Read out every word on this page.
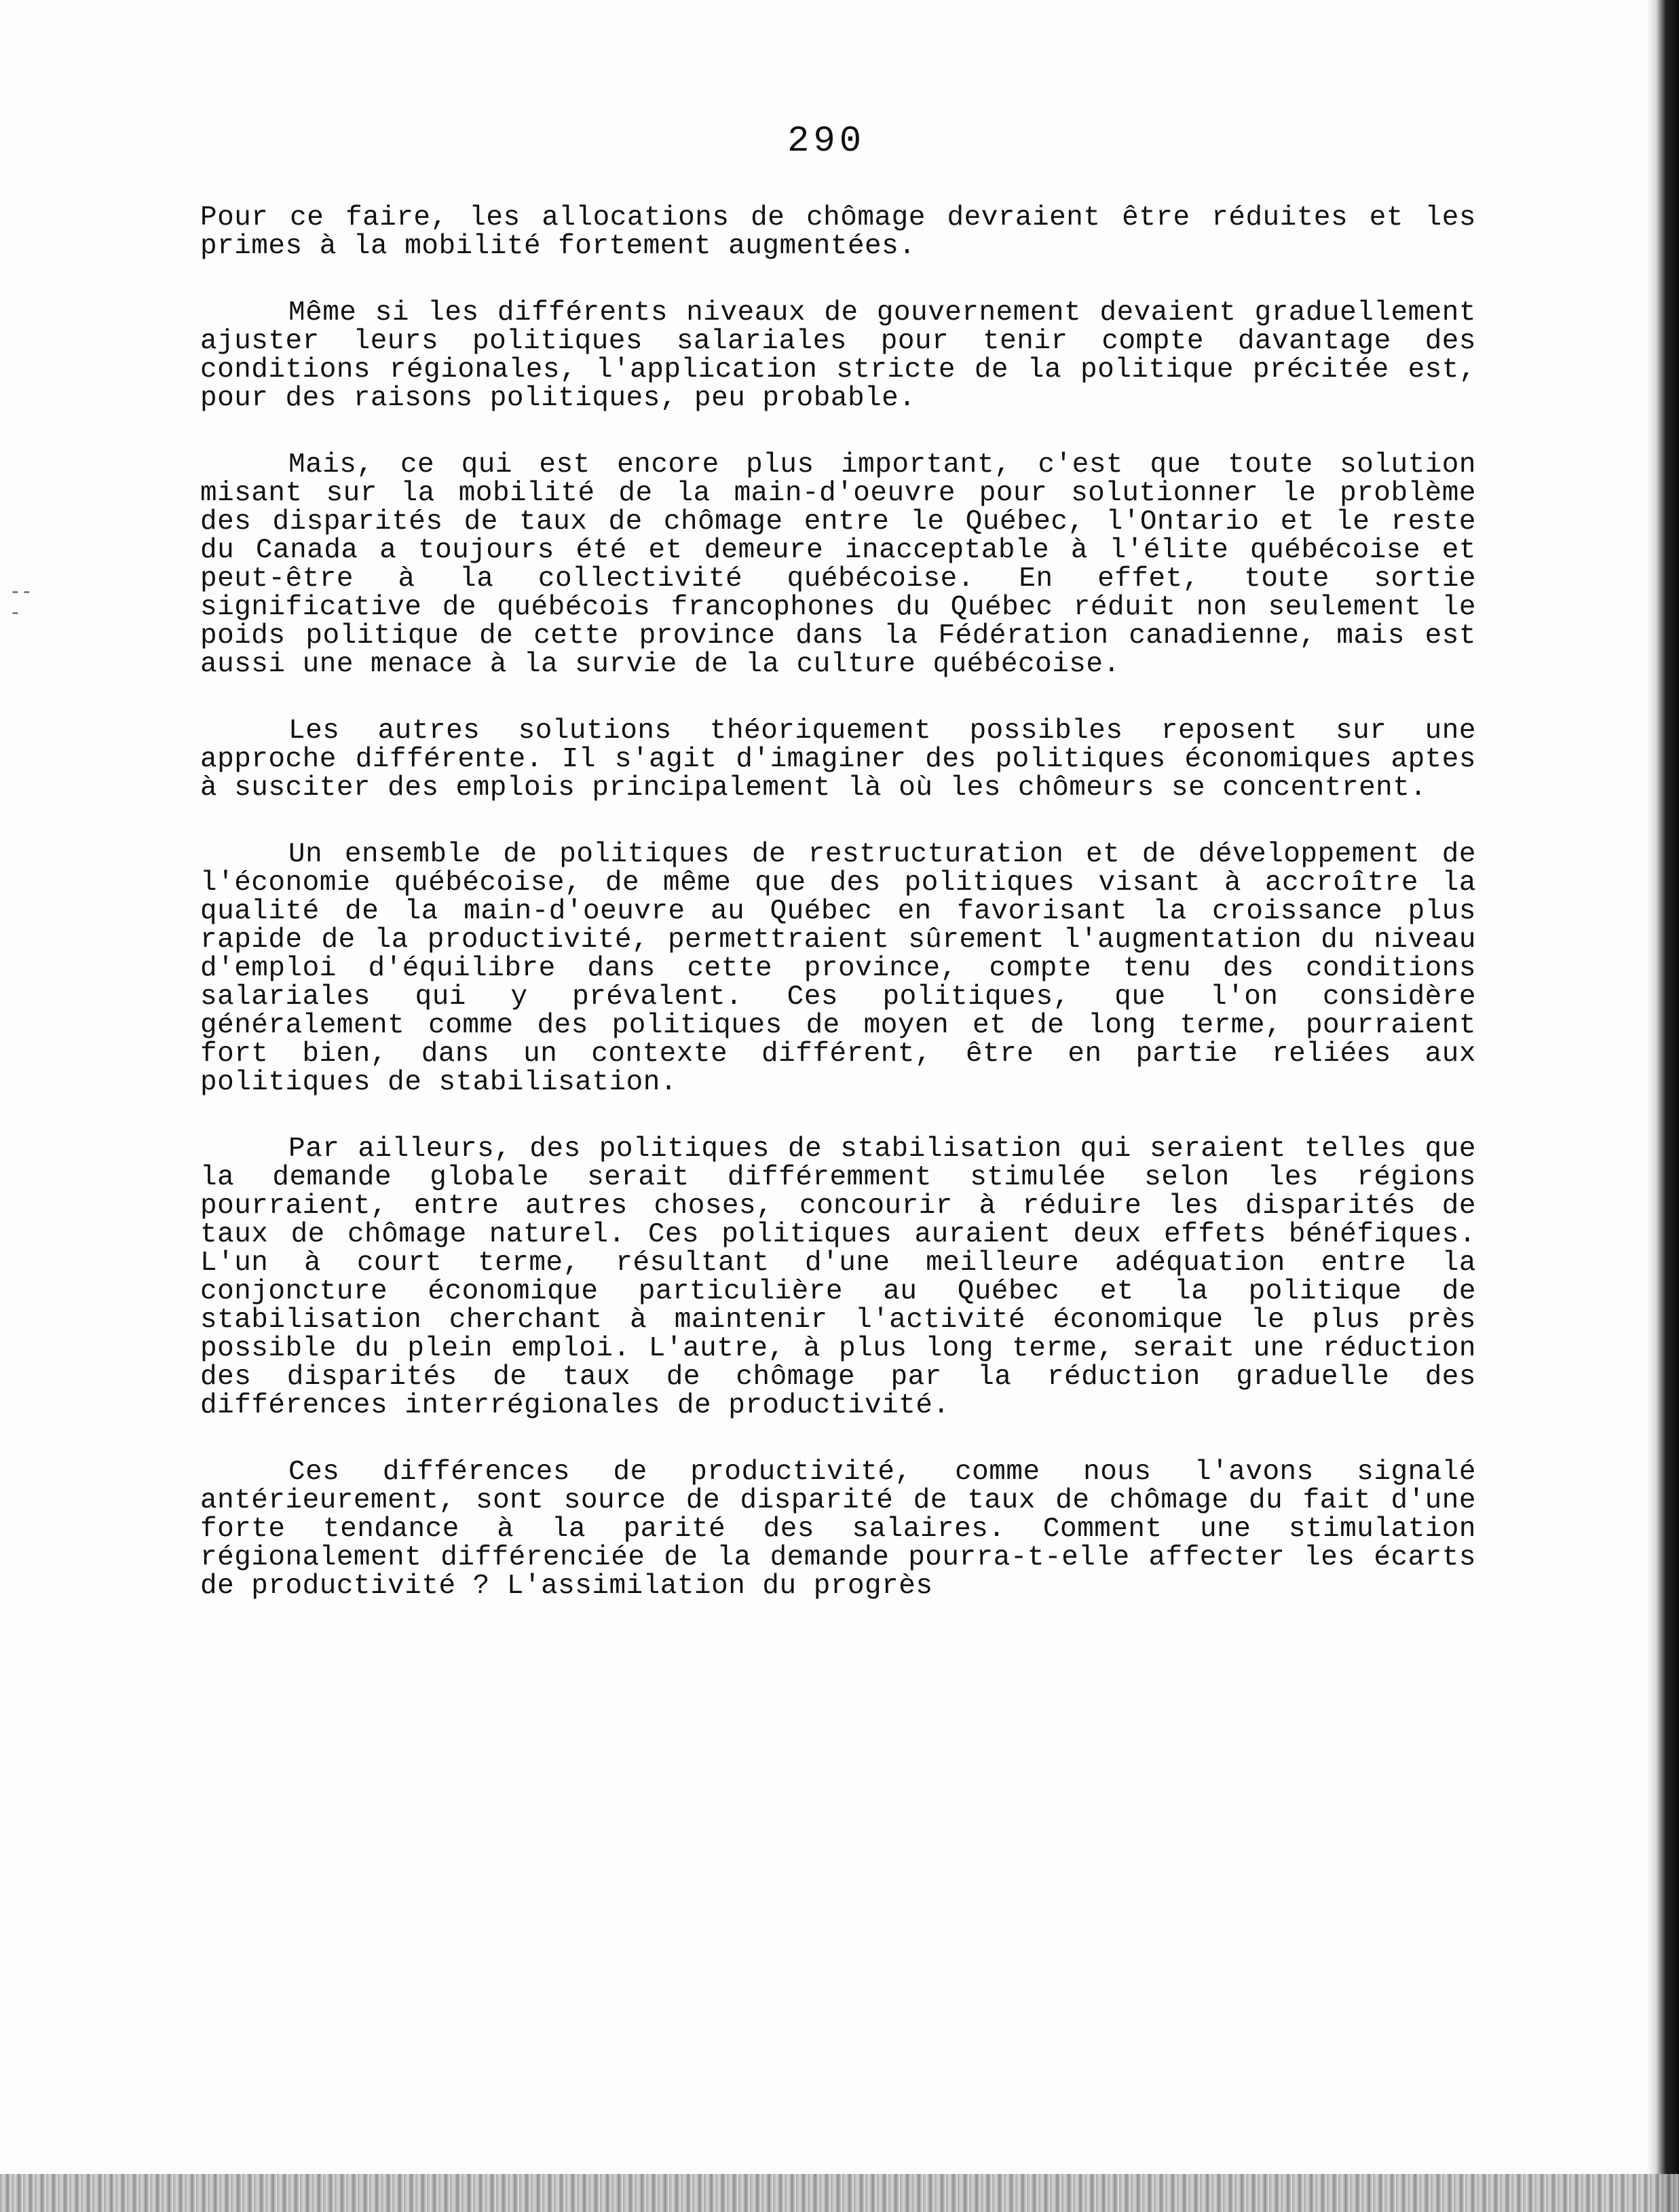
290
-‑
‑

Pour ce faire, les allocations de chômage devraient être réduites et les primes à la mobilité fortement augmentées.

Même si les différents niveaux de gouvernement devaient graduellement ajuster leurs politiques salariales pour tenir compte davantage des conditions régionales, l'application stricte de la politique précitée est, pour des raisons politiques, peu probable.

Mais, ce qui est encore plus important, c'est que toute solution misant sur la mobilité de la main-d'oeuvre pour solutionner le problème des disparités de taux de chômage entre le Québec, l'Ontario et le reste du Canada a toujours été et demeure inacceptable à l'élite québécoise et peut-être à la collectivité québécoise. En effet, toute sortie significative de québécois francophones du Québec réduit non seulement le poids politique de cette province dans la Fédération canadienne, mais est aussi une menace à la survie de la culture québécoise.

Les autres solutions théoriquement possibles reposent sur une approche différente. Il s'agit d'imaginer des politiques économiques aptes à susciter des emplois principalement là où les chômeurs se concentrent.

Un ensemble de politiques de restructuration et de développement de l'économie québécoise, de même que des politiques visant à accroître la qualité de la main-d'oeuvre au Québec en favorisant la croissance plus rapide de la productivité, permettraient sûrement l'augmentation du niveau d'emploi d'équilibre dans cette province, compte tenu des conditions salariales qui y prévalent. Ces politiques, que l'on considère généralement comme des politiques de moyen et de long terme, pourraient fort bien, dans un contexte différent, être en partie reliées aux politiques de stabilisation.

Par ailleurs, des politiques de stabilisation qui seraient telles que la demande globale serait différemment stimulée selon les régions pourraient, entre autres choses, concourir à réduire les disparités de taux de chômage naturel. Ces politiques auraient deux effets bénéfiques. L'un à court terme, résultant d'une meilleure adéquation entre la conjoncture économique particulière au Québec et la politique de stabilisation cherchant à maintenir l'activité économique le plus près possible du plein emploi. L'autre, à plus long terme, serait une réduction des disparités de taux de chômage par la réduction graduelle des différences interrégionales de productivité.

Ces différences de productivité, comme nous l'avons signalé antérieurement, sont source de disparité de taux de chômage du fait d'une forte tendance à la parité des salaires. Comment une stimulation régionalement différenciée de la demande pourra-t-elle affecter les écarts de productivité ? L'assimilation du progrès
